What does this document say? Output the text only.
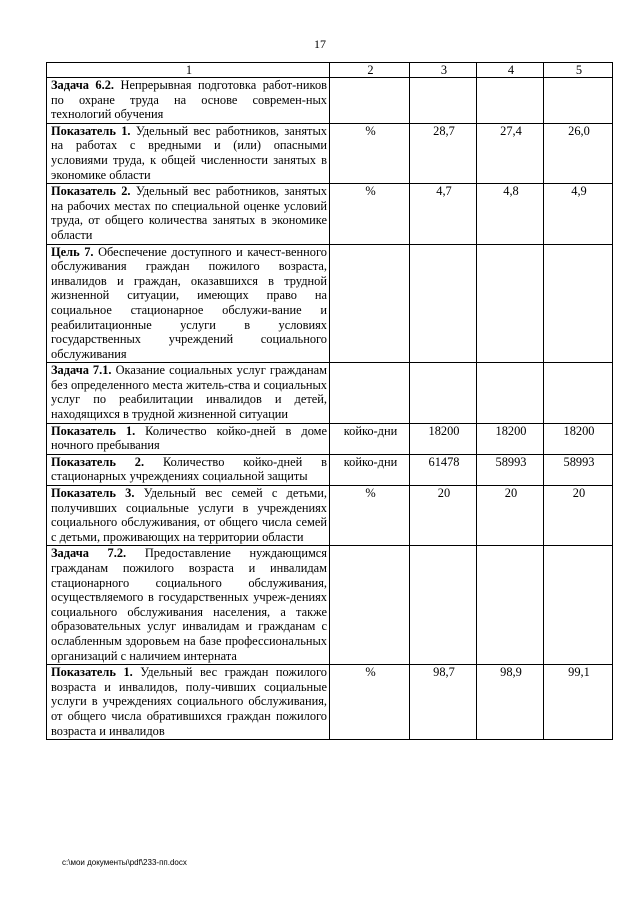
17
1	2	3	4	5
Задача 6.2. Непрерывная подготовка работ-ников по охране труда на основе современ-ных технологий обучения				
Показатель 1. Удельный вес работников, занятых на работах с вредными и (или) опасными условиями труда, к общей численности занятых в экономике области	%	28,7	27,4	26,0
Показатель 2. Удельный вес работников, занятых на рабочих местах по специальной оценке условий труда, от общего количества занятых в экономике области	%	4,7	4,8	4,9
Цель 7. Обеспечение доступного и качест-венного обслуживания граждан пожилого возраста, инвалидов и граждан, оказавшихся в трудной жизненной ситуации, имеющих право на социальное стационарное обслужи-вание и реабилитационные услуги в условиях государственных учреждений социального обслуживания				
Задача 7.1. Оказание социальных услуг гражданам без определенного места житель-ства и социальных услуг по реабилитации инвалидов и детей, находящихся в трудной жизненной ситуации				
Показатель 1. Количество койко-дней в доме ночного пребывания	койко-дни	18200	18200	18200
Показатель 2. Количество койко-дней в стационарных учреждениях социальной защиты	койко-дни	61478	58993	58993
Показатель 3. Удельный вес семей с детьми, получивших социальные услуги в учреждениях социального обслуживания, от общего числа семей с детьми, проживающих на территории области	%	20	20	20
Задача 7.2. Предоставление нуждающимся гражданам пожилого возраста и инвалидам стационарного социального обслуживания, осуществляемого в государственных учреж-дениях социального обслуживания населения, а также образовательных услуг инвалидам и гражданам с ослабленным здоровьем на базе профессиональных организаций с наличием интерната				
Показатель 1. Удельный вес граждан пожилого возраста и инвалидов, полу-чивших социальные услуги в учреждениях социального обслуживания, от общего числа обратившихся граждан пожилого возраста и инвалидов	%	98,7	98,9	99,1
c:\мои документы\pdf\233-пп.docx
